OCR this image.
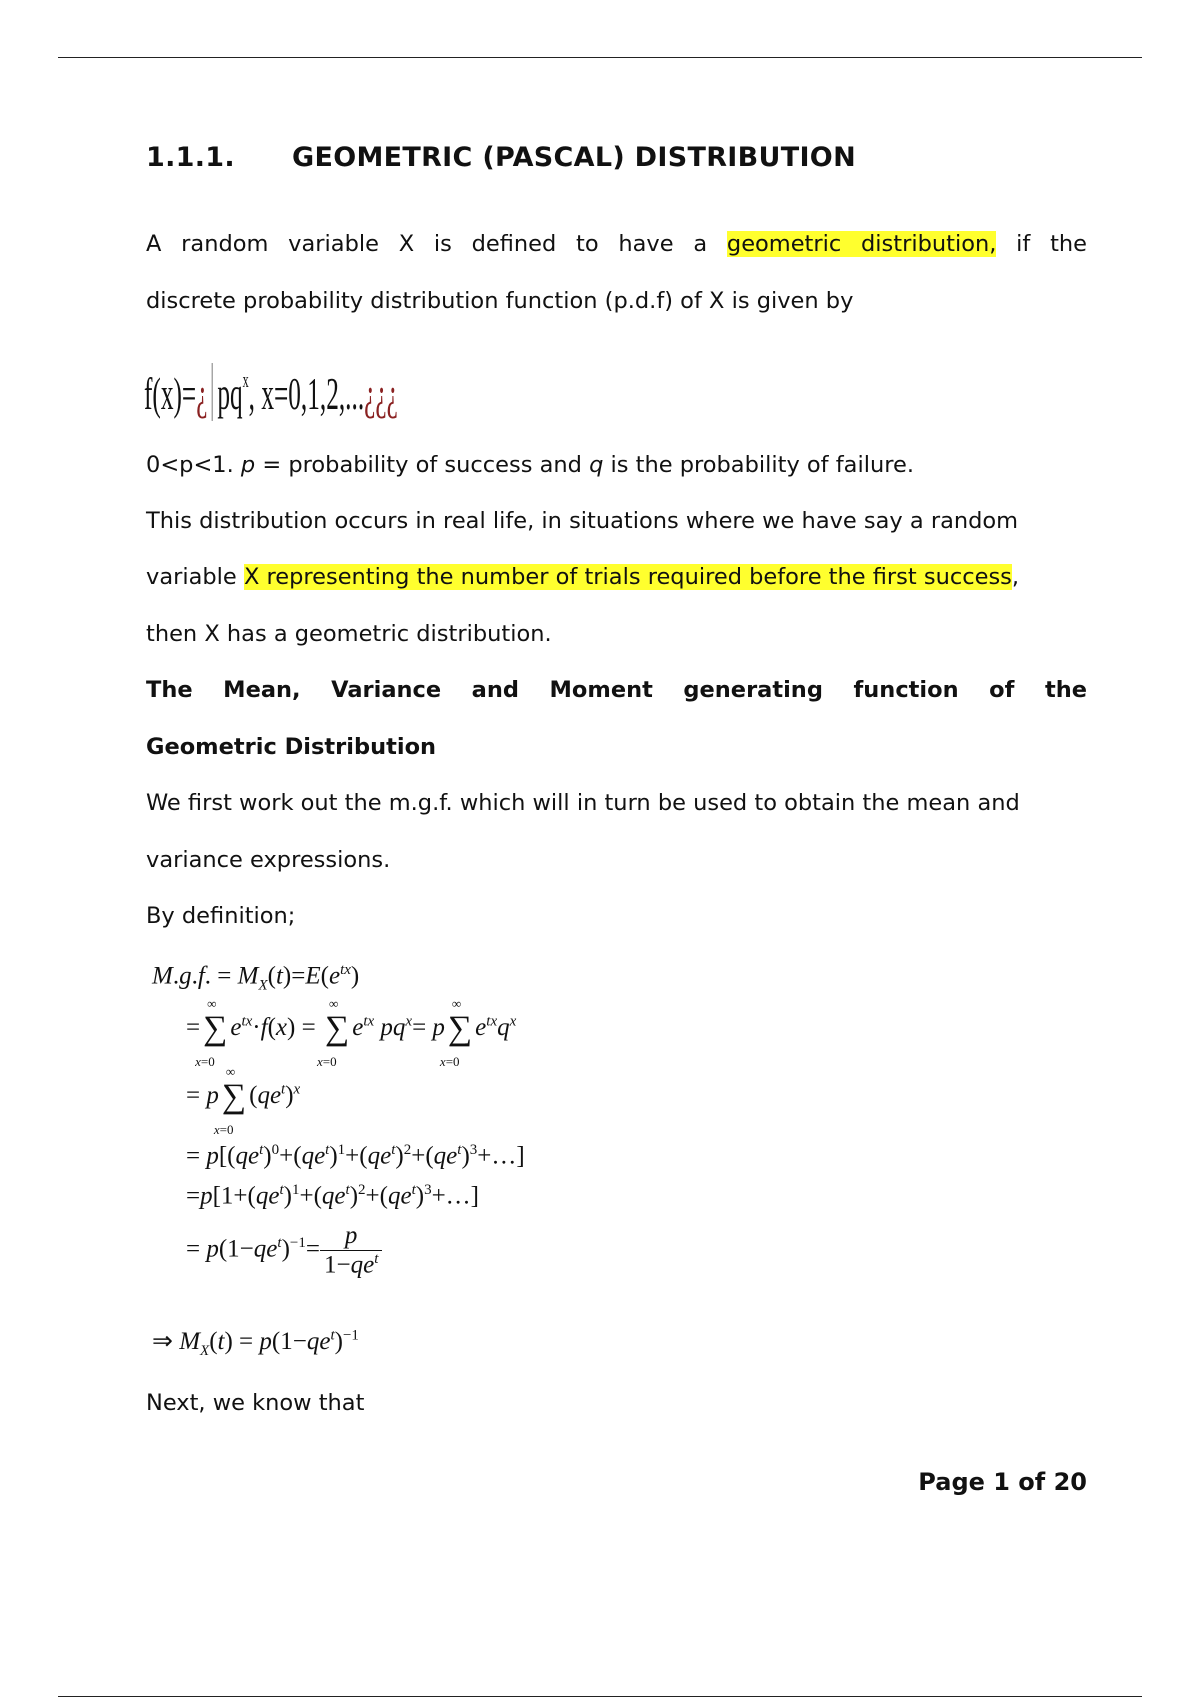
1.1.1. GEOMETRIC (PASCAL) DISTRIBUTION

A random variable X is defined to have a geometric distribution, if the

discrete probability distribution function (p.d.f) of X is given by

f(x)=¿ $pq^x$, x=0,1,2,...¿¿¿

0<p<1. p = probability of success and q is the probability of failure.

This distribution occurs in real life, in situations where we have say a random

variable X representing the number of trials required before the first success,

then X has a geometric distribution.

The Mean, Variance and Moment generating function of the

Geometric Distribution

We first work out the m.g.f. which will in turn be used to obtain the mean and

variance expressions.

By definition;

M.g.f. = $M_X(t)=E(e^{tx})$
=∑
∞
x=0
$e^{tx}\cdot f(x)$ = ∑
∞
x=0
$e^{tx}$ $pq^x= p\sum$
∞
x=0
$e^{tx}q^x$
= p∑
∞
x=0
$(qe^t)^x$
= $p[(qe^t)^0+(qe^t)^1+(qe^t)^2+(qe^t)^3+\dots]$
$=p[1+(qe^t)^1+(qe^t)^2+(qe^t)^3+\dots]$
= $p(1-qe^t)^{-1}= \frac{p}{1-qe^t}$
⇒ $M_X(t) = p(1-qe^t)^{-1}$

Next, we know that

Page 1 of 20
